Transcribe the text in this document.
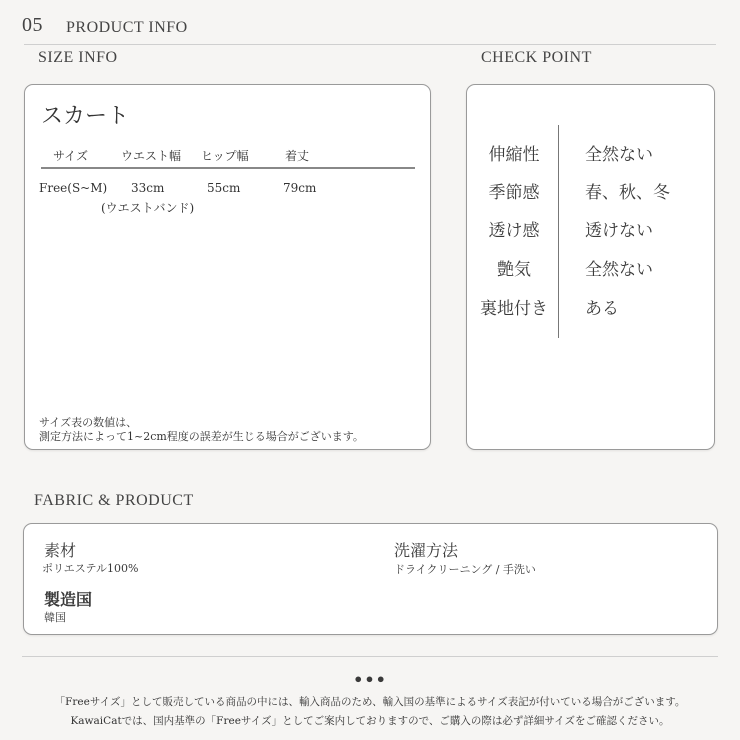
05 PRODUCT INFO
SIZE INFO	CHECK POINT
スカート
サイズ	ウエスト幅 ヒップ幅	着丈
Free(S~M) 33cm	55cm	79cm
(ウエストバンド)
サイズ表の数値は、
測定方法によって1~2cm程度の誤差が生じる場合がございます。
伸縮性	全然ない
季節感	春、秋、冬
透け感	透けない
艶気	全然ない
裏地付き	ある
FABRIC & PRODUCT
素材
ポリエステル100%
洗濯方法
ドライクリーニング / 手洗い
製造国
韓国
•••
「Freeサイズ」として販売している商品の中には、輸入商品のため、輸入国の基準によるサイズ表記が付いている場合がございます。
KawaiCatでは、国内基準の「Freeサイズ」としてご案内しておりますので、ご購入の際は必ず詳細サイズをご確認ください。
